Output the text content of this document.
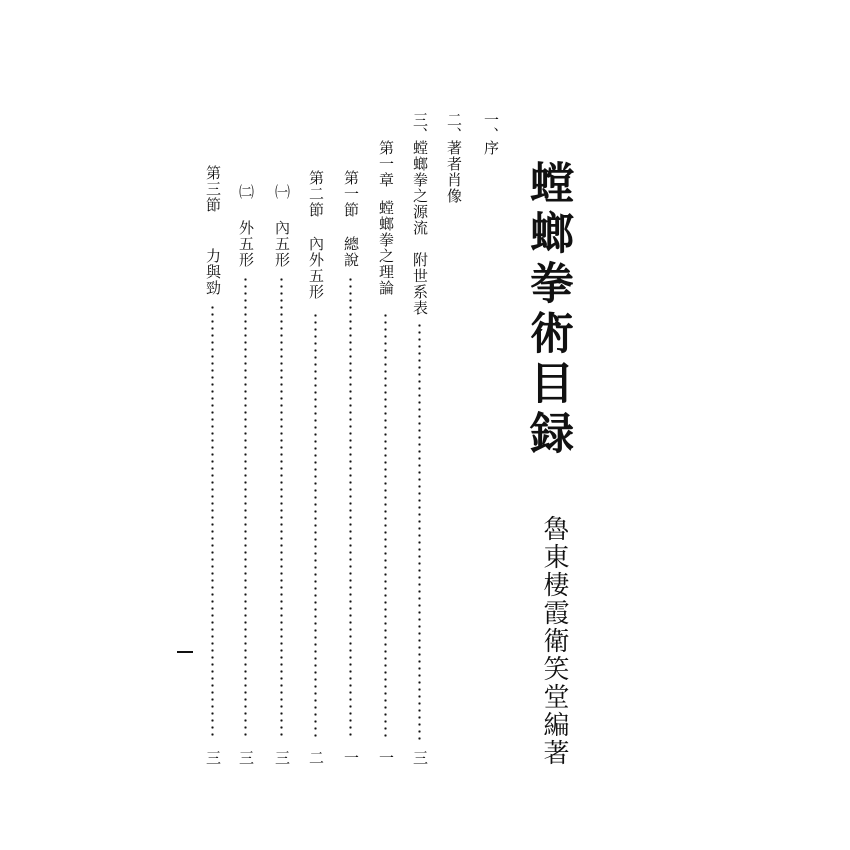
螳螂拳術目録
魯東棲霞衛笑堂編著
一、
序
二、
著者肖像
三、
螳螂拳之源流　附世系表
三
第一章
螳螂拳之理論
一
第一節
總說
一
第二節
內外五形
二
㈠
內五形
三
㈡
外五形
三
第三節
力與勁
三
